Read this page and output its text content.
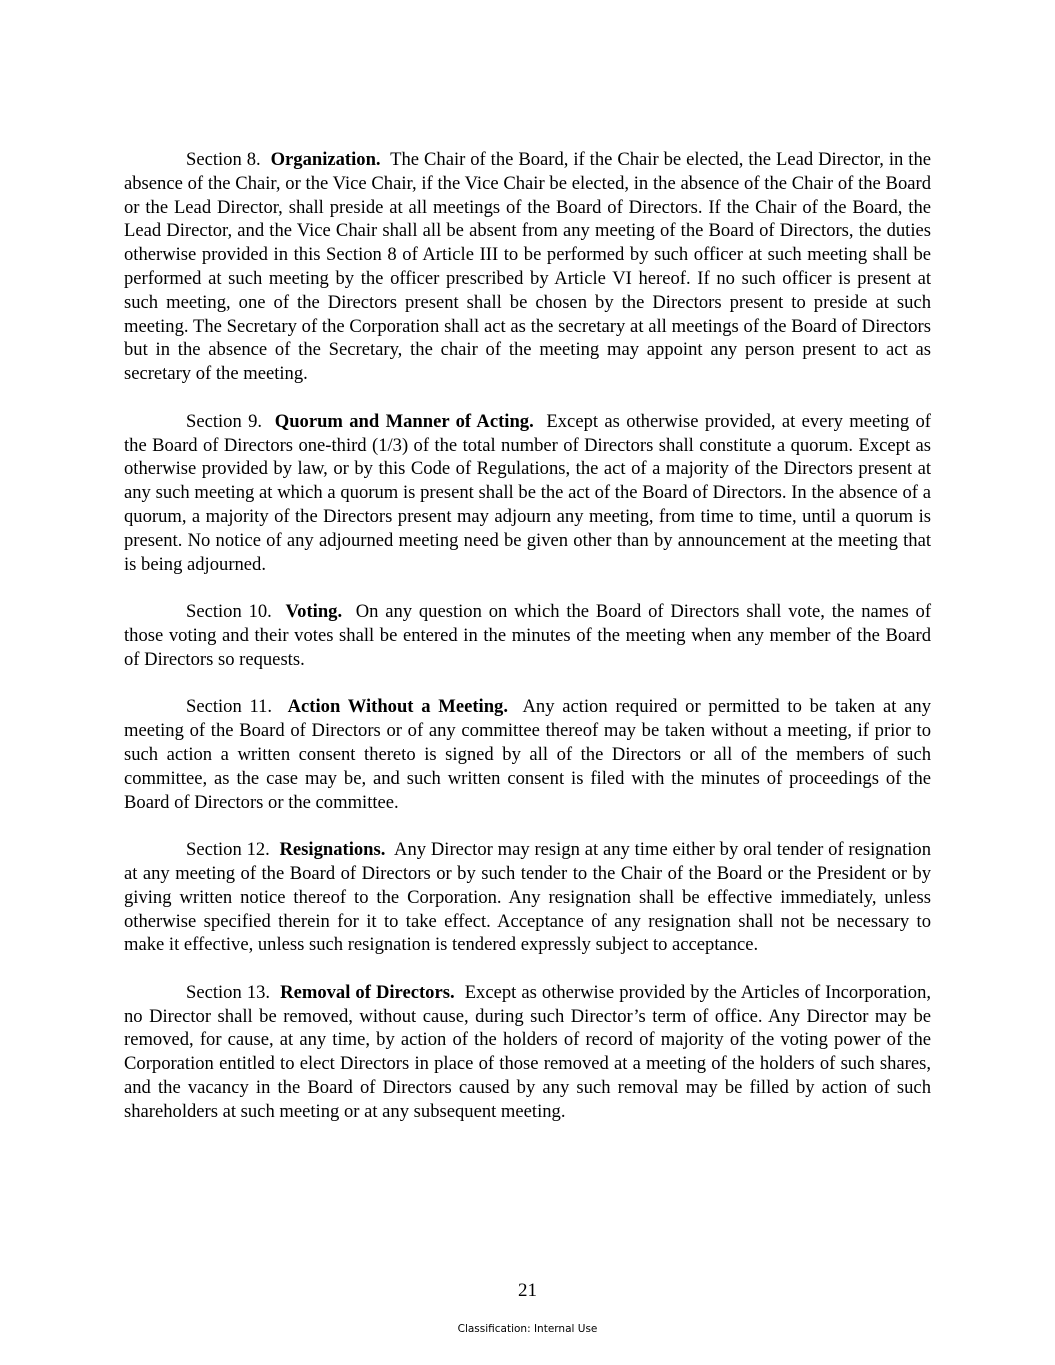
Section 8. Organization. The Chair of the Board, if the Chair be elected, the Lead Director, in the absence of the Chair, or the Vice Chair, if the Vice Chair be elected, in the absence of the Chair of the Board or the Lead Director, shall preside at all meetings of the Board of Directors. If the Chair of the Board, the Lead Director, and the Vice Chair shall all be absent from any meeting of the Board of Directors, the duties otherwise provided in this Section 8 of Article III to be performed by such officer at such meeting shall be performed at such meeting by the officer prescribed by Article VI hereof. If no such officer is present at such meeting, one of the Directors present shall be chosen by the Directors present to preside at such meeting. The Secretary of the Corporation shall act as the secretary at all meetings of the Board of Directors but in the absence of the Secretary, the chair of the meeting may appoint any person present to act as secretary of the meeting.

Section 9. Quorum and Manner of Acting. Except as otherwise provided, at every meeting of the Board of Directors one-third (1/3) of the total number of Directors shall constitute a quorum. Except as otherwise provided by law, or by this Code of Regulations, the act of a majority of the Directors present at any such meeting at which a quorum is present shall be the act of the Board of Directors. In the absence of a quorum, a majority of the Directors present may adjourn any meeting, from time to time, until a quorum is present. No notice of any adjourned meeting need be given other than by announcement at the meeting that is being adjourned.

Section 10. Voting. On any question on which the Board of Directors shall vote, the names of those voting and their votes shall be entered in the minutes of the meeting when any member of the Board of Directors so requests.

Section 11. Action Without a Meeting. Any action required or permitted to be taken at any meeting of the Board of Directors or of any committee thereof may be taken without a meeting, if prior to such action a written consent thereto is signed by all of the Directors or all of the members of such committee, as the case may be, and such written consent is filed with the minutes of proceedings of the Board of Directors or the committee.

Section 12. Resignations. Any Director may resign at any time either by oral tender of resignation at any meeting of the Board of Directors or by such tender to the Chair of the Board or the President or by giving written notice thereof to the Corporation. Any resignation shall be effective immediately, unless otherwise specified therein for it to take effect. Acceptance of any resignation shall not be necessary to make it effective, unless such resignation is tendered expressly subject to acceptance.

Section 13. Removal of Directors. Except as otherwise provided by the Articles of Incorporation, no Director shall be removed, without cause, during such Director’s term of office. Any Director may be removed, for cause, at any time, by action of the holders of record of majority of the voting power of the Corporation entitled to elect Directors in place of those removed at a meeting of the holders of such shares, and the vacancy in the Board of Directors caused by any such removal may be filled by action of such shareholders at such meeting or at any subsequent meeting.

21
Classification: Internal Use
